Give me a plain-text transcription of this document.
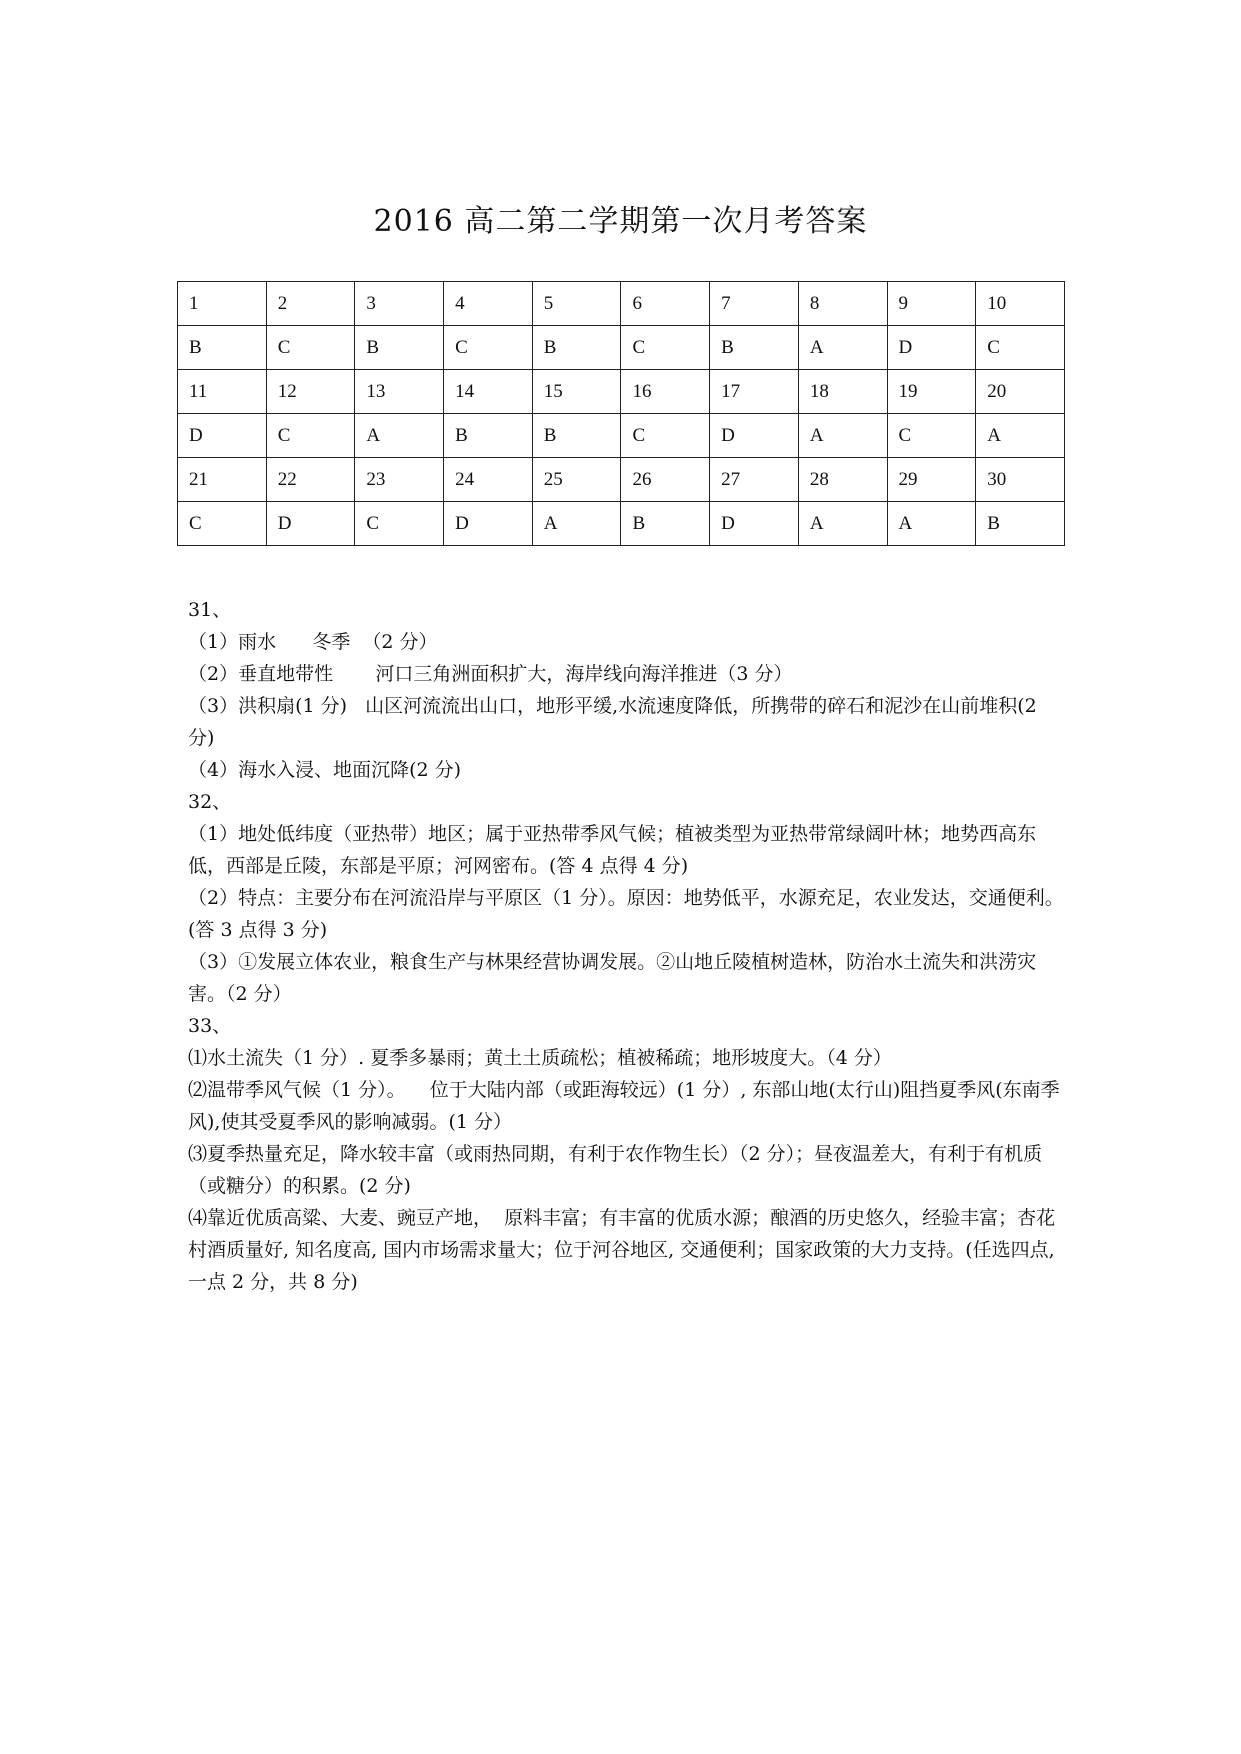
2016 高二第二学期第一次月考答案
1	2	3	4	5	6	7	8	9	10
B	C	B	C	B	C	B	A	D	C
11	12	13	14	15	16	17	18	19	20
D	C	A	B	B	C	D	A	C	A
21	22	23	24	25	26	27	28	29	30
C	D	C	D	A	B	D	A	A	B

31、

（1）雨水      冬季  （2 分）

（2）垂直地带性       河口三角洲面积扩大，海岸线向海洋推进（3 分）

（3）洪积扇(1 分)   山区河流流出山口，地形平缓,水流速度降低，所携带的碎石和泥沙在山前堆积(2 分)

（4）海水入浸、地面沉降(2 分)

32、

（1）地处低纬度（亚热带）地区；属于亚热带季风气候；植被类型为亚热带常绿阔叶林；地势西高东低，西部是丘陵，东部是平原；河网密布。(答 4 点得 4 分)

（2）特点：主要分布在河流沿岸与平原区（1 分）。原因：地势低平，水源充足，农业发达，交通便利。(答 3 点得 3 分)

（3）①发展立体农业，粮食生产与林果经营协调发展。②山地丘陵植树造林，防治水土流失和洪涝灾害。（2 分）

33、

⑴水土流失（1 分）. 夏季多暴雨；黄土土质疏松；植被稀疏；地形坡度大。（4 分）

⑵温带季风气候（1 分）。    位于大陆内部（或距海较远）(1 分）, 东部山地(太行山)阻挡夏季风(东南季风),使其受夏季风的影响减弱。(1 分）

⑶夏季热量充足，降水较丰富（或雨热同期，有利于农作物生长）（2 分）；昼夜温差大，有利于有机质（或糖分）的积累。(2 分)

⑷靠近优质高粱、大麦、豌豆产地，  原料丰富；有丰富的优质水源；酿酒的历史悠久，经验丰富；杏花村酒质量好, 知名度高, 国内市场需求量大；位于河谷地区, 交通便利；国家政策的大力支持。(任选四点, 一点 2 分，共 8 分)
